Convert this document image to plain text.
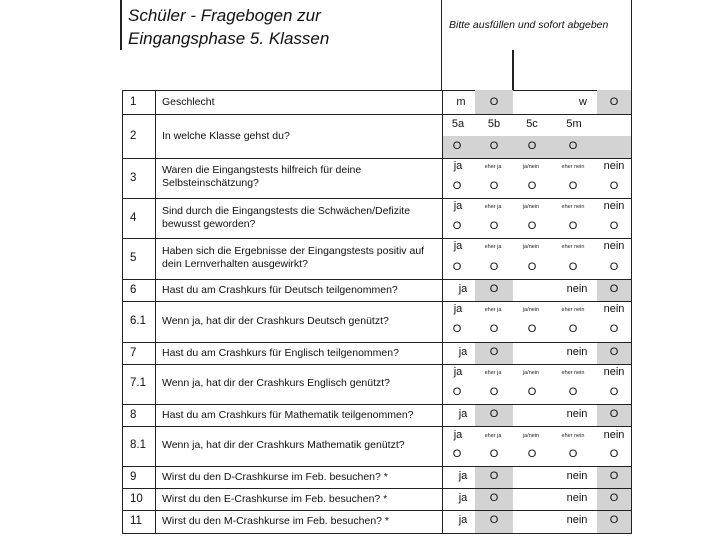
Schüler - Fragebogen zur
Eingangsphase 5. Klassen
Bitte ausfüllen und sofort abgeben
1 Geschlecht	m	O	w	O
2 In welche Klasse gehst du?
5a	5b	5c	5m
O	O	O	O
3
Waren die Eingangstests hilfreich für deine Selbsteinschätzung?
ja	eher ja	ja/nein	eher nein	nein
O	O	O	O	O
4
Sind durch die Eingangstests die Schwächen/Defizite bewusst geworden?
ja	eher ja	ja/nein	eher nein	nein
O	O	O	O	O
5
Haben sich die Ergebnisse der Eingangstests positiv auf dein Lernverhalten ausgewirkt?
ja	eher ja	ja/nein	eher nein	nein
O	O	O	O	O
6 Hast du am Crashkurs für Deutsch teilgenommen?	ja	O	nein	O
6.1 Wenn ja, hat dir der Crashkurs Deutsch genützt?
ja	eher ja	ja/nein	eher nein	nein
O	O	O	O	O
7 Hast du am Crashkurs für Englisch teilgenommen?	ja	O	nein	O
7.1 Wenn ja, hat dir der Crashkurs Englisch genützt?
ja	eher ja	ja/nein	eher nein	nein
O	O	O	O	O
8 Hast du am Crashkurs für Mathematik teilgenommen?	ja	O	nein	O
8.1 Wenn ja, hat dir der Crashkurs Mathematik genützt?
ja	eher ja	ja/nein	eher nein	nein
O	O	O	O	O
9 Wirst du den D-Crashkurse im Feb. besuchen? *	ja	O	nein	O
10 Wirst du den E-Crashkurse im Feb. besuchen? *	ja	O	nein	O
11 Wirst du den M-Crashkurse im Feb. besuchen? *	ja	O	nein	O
